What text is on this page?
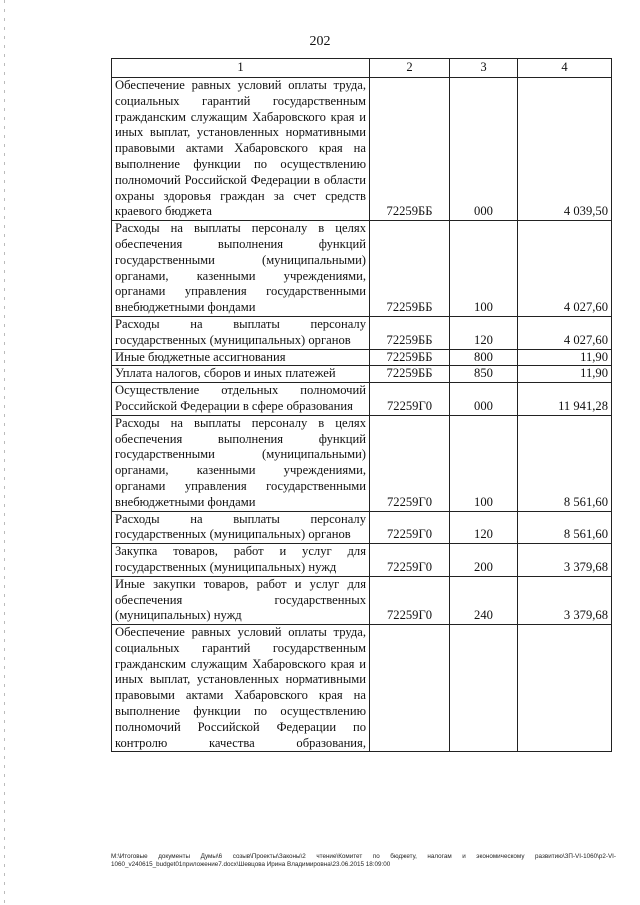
202
1	2	3	4
Обеспечение равных условий оплаты труда, социальных гарантий государственным гражданским служащим Хабаровского края и иных выплат, установленных нормативными правовыми актами Хабаровского края на выполнение функции по осуществлению полномочий Российской Федерации в области охраны здоровья граждан за счет средств краевого бюджета	72259ББ	000	4 039,50
Расходы на выплаты персоналу в целях обеспечения выполнения функций государственными (муниципальными) органами, казенными учреждениями, органами управления государственными внебюджетными фондами	72259ББ	100	4 027,60
Расходы на выплаты персоналу государственных (муниципальных) органов	72259ББ	120	4 027,60
Иные бюджетные ассигнования	72259ББ	800	11,90
Уплата налогов, сборов и иных платежей	72259ББ	850	11,90
Осуществление отдельных полномочий Российской Федерации в сфере образования	72259Г0	000	11 941,28
Расходы на выплаты персоналу в целях обеспечения выполнения функций государственными (муниципальными) органами, казенными учреждениями, органами управления государственными внебюджетными фондами	72259Г0	100	8 561,60
Расходы на выплаты персоналу государственных (муниципальных) органов	72259Г0	120	8 561,60
Закупка товаров, работ и услуг для государственных (муниципальных) нужд	72259Г0	200	3 379,68
Иные закупки товаров, работ и услуг для обеспечения государственных (муниципальных) нужд	72259Г0	240	3 379,68
Обеспечение равных условий оплаты труда, социальных гарантий государственным гражданским служащим Хабаровского края и иных выплат, установленных нормативными правовыми актами Хабаровского края на выполнение функции по осуществлению полномочий Российской Федерации по контролю качества образования,			
M:\Итоговые документы Думы\6 созыв\Проекты\Законы\2 чтение\Комитет по бюджету, налогам и экономическому развитию\ЗП-VI-1060\р2-VI-1060_v240615_budget01приложение7.docx\Шевцова Ирина Владимировна\23.06.2015 18:09:00
